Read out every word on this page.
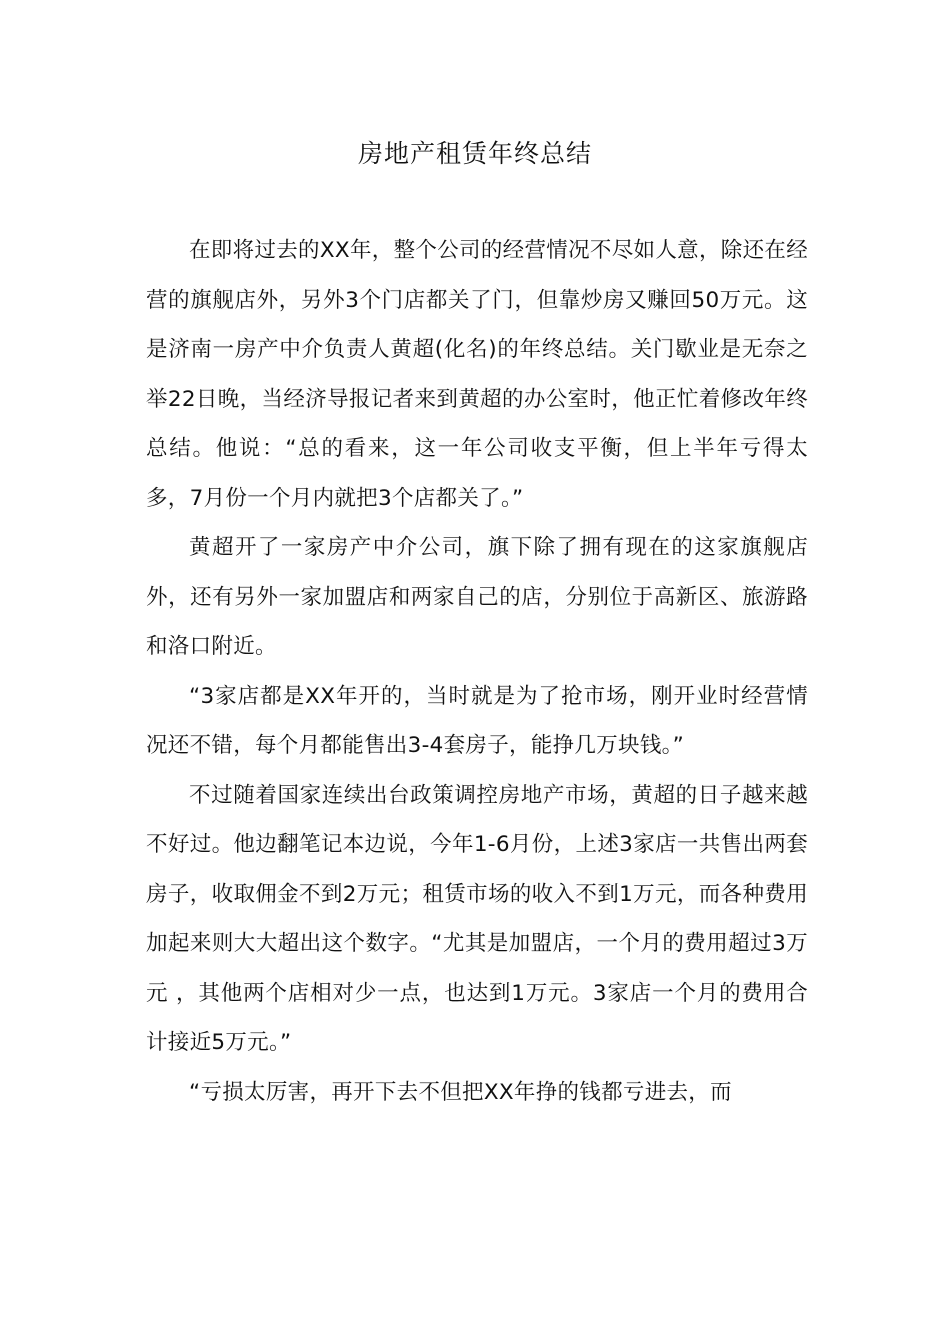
房地产租赁年终总结

在即将过去的XX年，整个公司的经营情况不尽如人意，除还在经营的旗舰店外，另外3个门店都关了门，但靠炒房又赚回50万元。这是济南一房产中介负责人黄超(化名)的年终总结。关门歇业是无奈之举22日晚，当经济导报记者来到黄超的办公室时，他正忙着修改年终总结。他说：“总的看来，这一年公司收支平衡，但上半年亏得太多，7月份一个月内就把3个店都关了。”

黄超开了一家房产中介公司，旗下除了拥有现在的这家旗舰店外，还有另外一家加盟店和两家自己的店，分别位于高新区、旅游路和洛口附近。

“3家店都是XX年开的，当时就是为了抢市场，刚开业时经营情况还不错，每个月都能售出3-4套房子，能挣几万块钱。”

不过随着国家连续出台政策调控房地产市场，黄超的日子越来越不好过。他边翻笔记本边说，今年1-6月份，上述3家店一共售出两套房子，收取佣金不到2万元；租赁市场的收入不到1万元，而各种费用加起来则大大超出这个数字。“尤其是加盟店，一个月的费用超过3万元 ，其他两个店相对少一点，也达到1万元。3家店一个月的费用合计接近5万元。”

“亏损太厉害，再开下去不但把XX年挣的钱都亏进去，而
